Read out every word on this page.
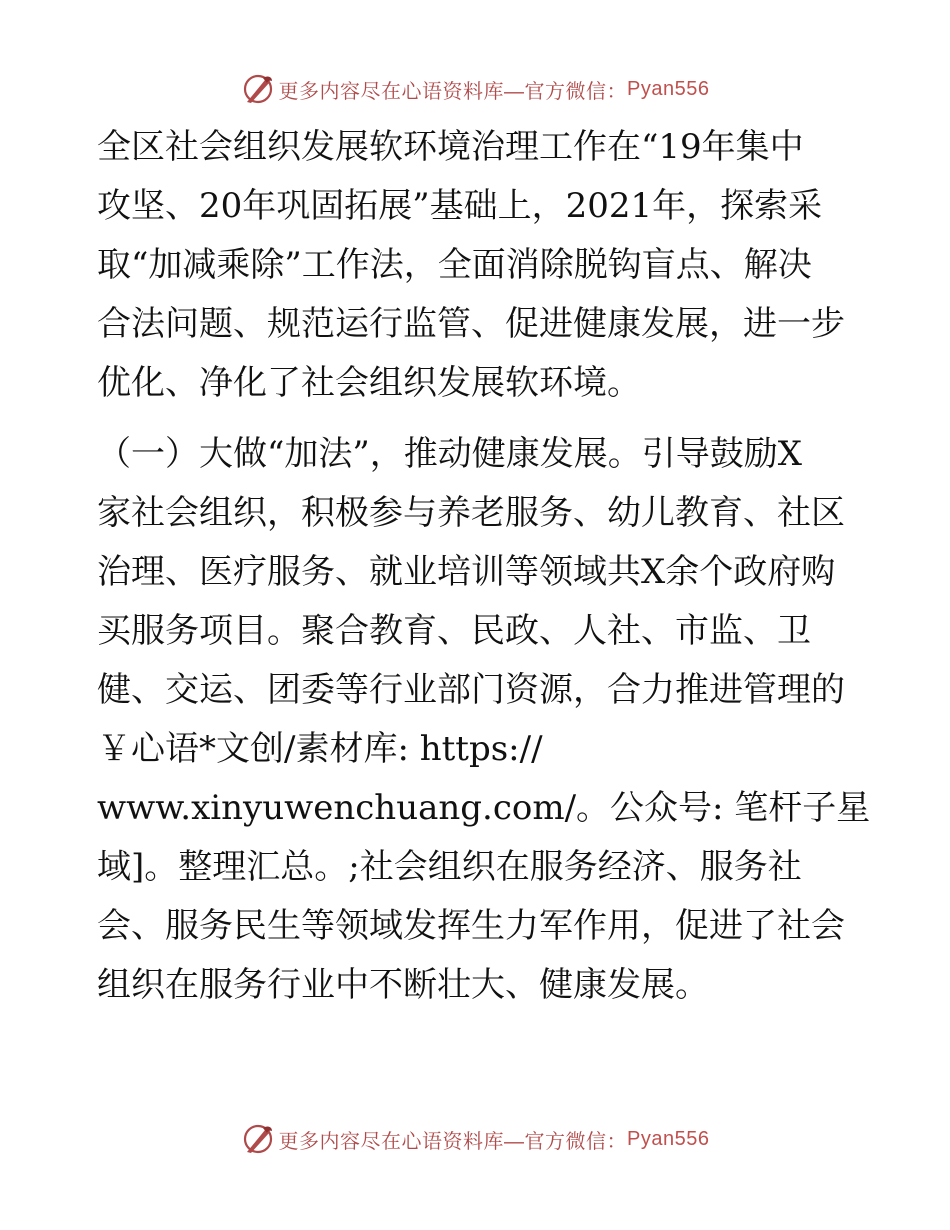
更多内容尽在心语资料库—官方微信： Pyan556

全区社会组织发展软环境治理工作在“19年集中
攻坚、20年巩固拓展”基础上，2021年，探索采
取“加减乘除”工作法，全面消除脱钩盲点、解决
合法问题、规范运行监管、促进健康发展，进一步
优化、净化了社会组织发展软环境。

（一）大做“加法”，推动健康发展。引导鼓励X
家社会组织，积极参与养老服务、幼儿教育、社区
治理、医疗服务、就业培训等领域共X余个政府购
买服务项目。聚合教育、民政、人社、市监、卫
健、交运、团委等行业部门资源，合力推进管理的
￥心语*文创/素材库: https://
www.xinyuwenchuang.com/。公众号: 笔杆子星
域]。整理汇总。;社会组织在服务经济、服务社
会、服务民生等领域发挥生力军作用，促进了社会
组织在服务行业中不断壮大、健康发展。

更多内容尽在心语资料库—官方微信： Pyan556
